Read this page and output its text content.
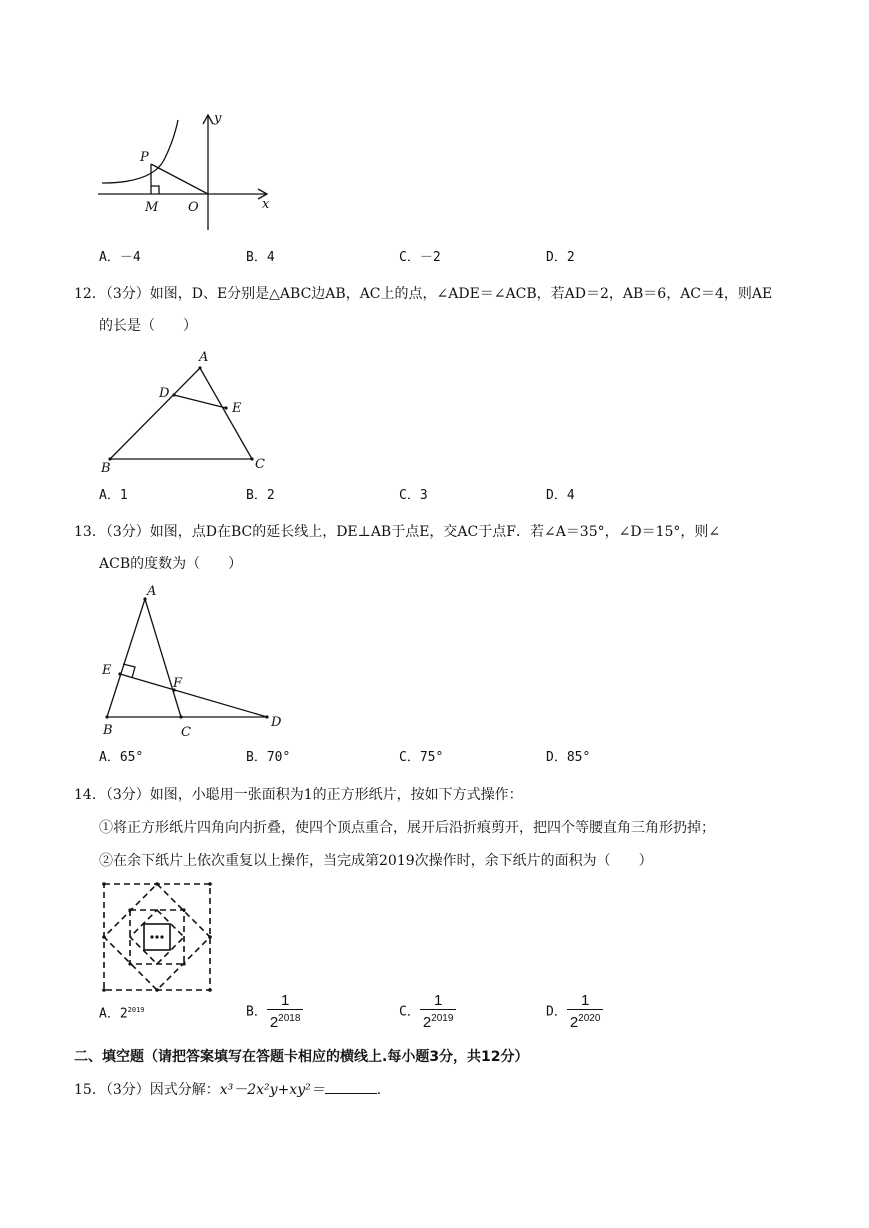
y
x
P
M O
A．－4	B．4	C．－2	D．2
12．（3分）如图，D、E分别是△ABC边AB，AC上的点，∠ADE＝∠ACB，若AD＝2，AB＝6，AC＝4，则AE
的长是（　　）
A
B	C
D
E
A．1	B．2	C．3	D．4
13．（3分）如图，点D在BC的延长线上，DE⊥AB于点E，交AC于点F．若∠A＝35°，∠D＝15°，则∠
ACB的度数为（　　）
A
B	C
D
E
F
A．65°	B．70°	C．75°	D．85°
14．（3分）如图，小聪用一张面积为1的正方形纸片，按如下方式操作：
①将正方形纸片四角向内折叠，使四个顶点重合，展开后沿折痕剪开，把四个等腰直角三角形扔掉；
②在余下纸片上依次重复以上操作，当完成第2019次操作时，余下纸片的面积为（　　）
A．$2^{2019}$	B． $\frac{1}{2^{2018}}$	C． $\frac{1}{2^{2019}}$	D． $\frac{1}{2^{2020}}$
二、填空题（请把答案填写在答题卡相应的横线上.每小题3分，共12分）
15．（3分）因式分解：x³－2x²y+xy²＝	.
